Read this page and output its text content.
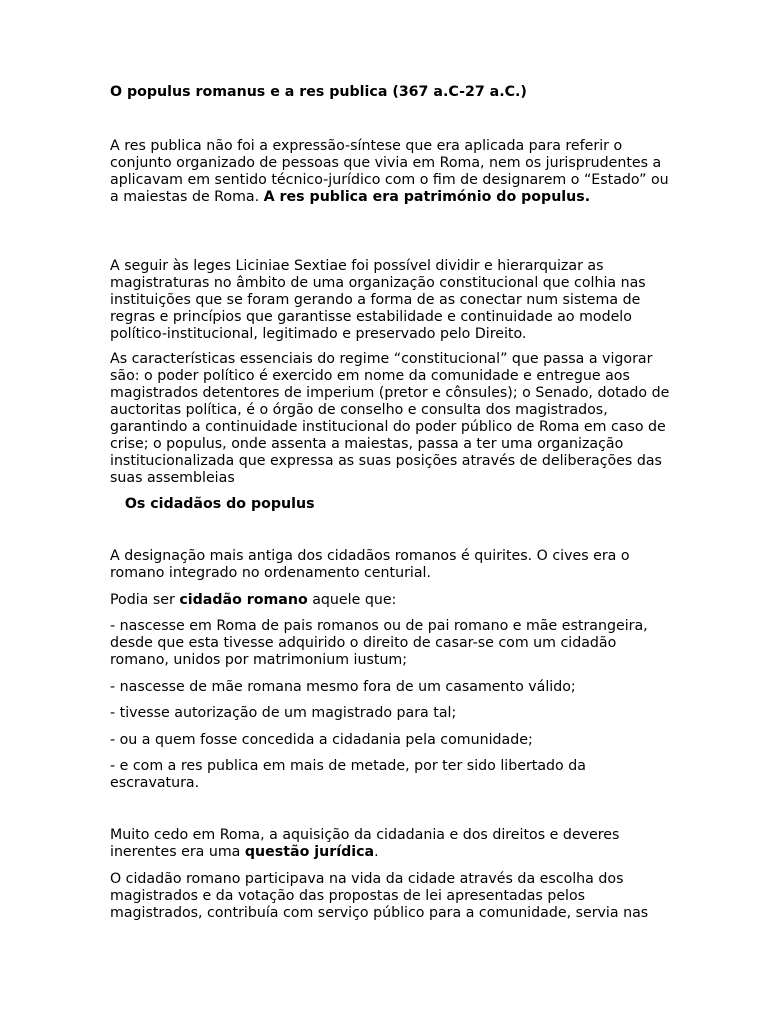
O populus romanus e a res publica (367 a.C-27 a.C.)

A res publica não foi a expressão-síntese que era aplicada para referir o conjunto organizado de pessoas que vivia em Roma, nem os jurisprudentes a aplicavam em sentido técnico-jurídico com o fim de designarem o “Estado” ou a maiestas de Roma. A res publica era património do populus.

A seguir às leges Liciniae Sextiae foi possível dividir e hierarquizar as magistraturas no âmbito de uma organização constitucional que colhia nas instituições que se foram gerando a forma de as conectar num sistema de regras e princípios que garantisse estabilidade e continuidade ao modelo político-institucional, legitimado e preservado pelo Direito.

As características essenciais do regime “constitucional” que passa a vigorar são: o poder político é exercido em nome da comunidade e entregue aos magistrados detentores de imperium (pretor e cônsules); o Senado, dotado de auctoritas política, é o órgão de conselho e consulta dos magistrados, garantindo a continuidade institucional do poder público de Roma em caso de crise; o populus, onde assenta a maiestas, passa a ter uma organização institucionalizada que expressa as suas posições através de deliberações das suas assembleias

Os cidadãos do populus

A designação mais antiga dos cidadãos romanos é quirites. O cives era o romano integrado no ordenamento centurial.

Podia ser cidadão romano aquele que:

- nascesse em Roma de pais romanos ou de pai romano e mãe estrangeira, desde que esta tivesse adquirido o direito de casar-se com um cidadão romano, unidos por matrimonium iustum;

- nascesse de mãe romana mesmo fora de um casamento válido;

- tivesse autorização de um magistrado para tal;

- ou a quem fosse concedida a cidadania pela comunidade;

- e com a res publica em mais de metade, por ter sido libertado da escravatura.

Muito cedo em Roma, a aquisição da cidadania e dos direitos e deveres inerentes era uma questão jurídica.

O cidadão romano participava na vida da cidade através da escolha dos magistrados e da votação das propostas de lei apresentadas pelos magistrados, contribuía com serviço público para a comunidade, servia nas
